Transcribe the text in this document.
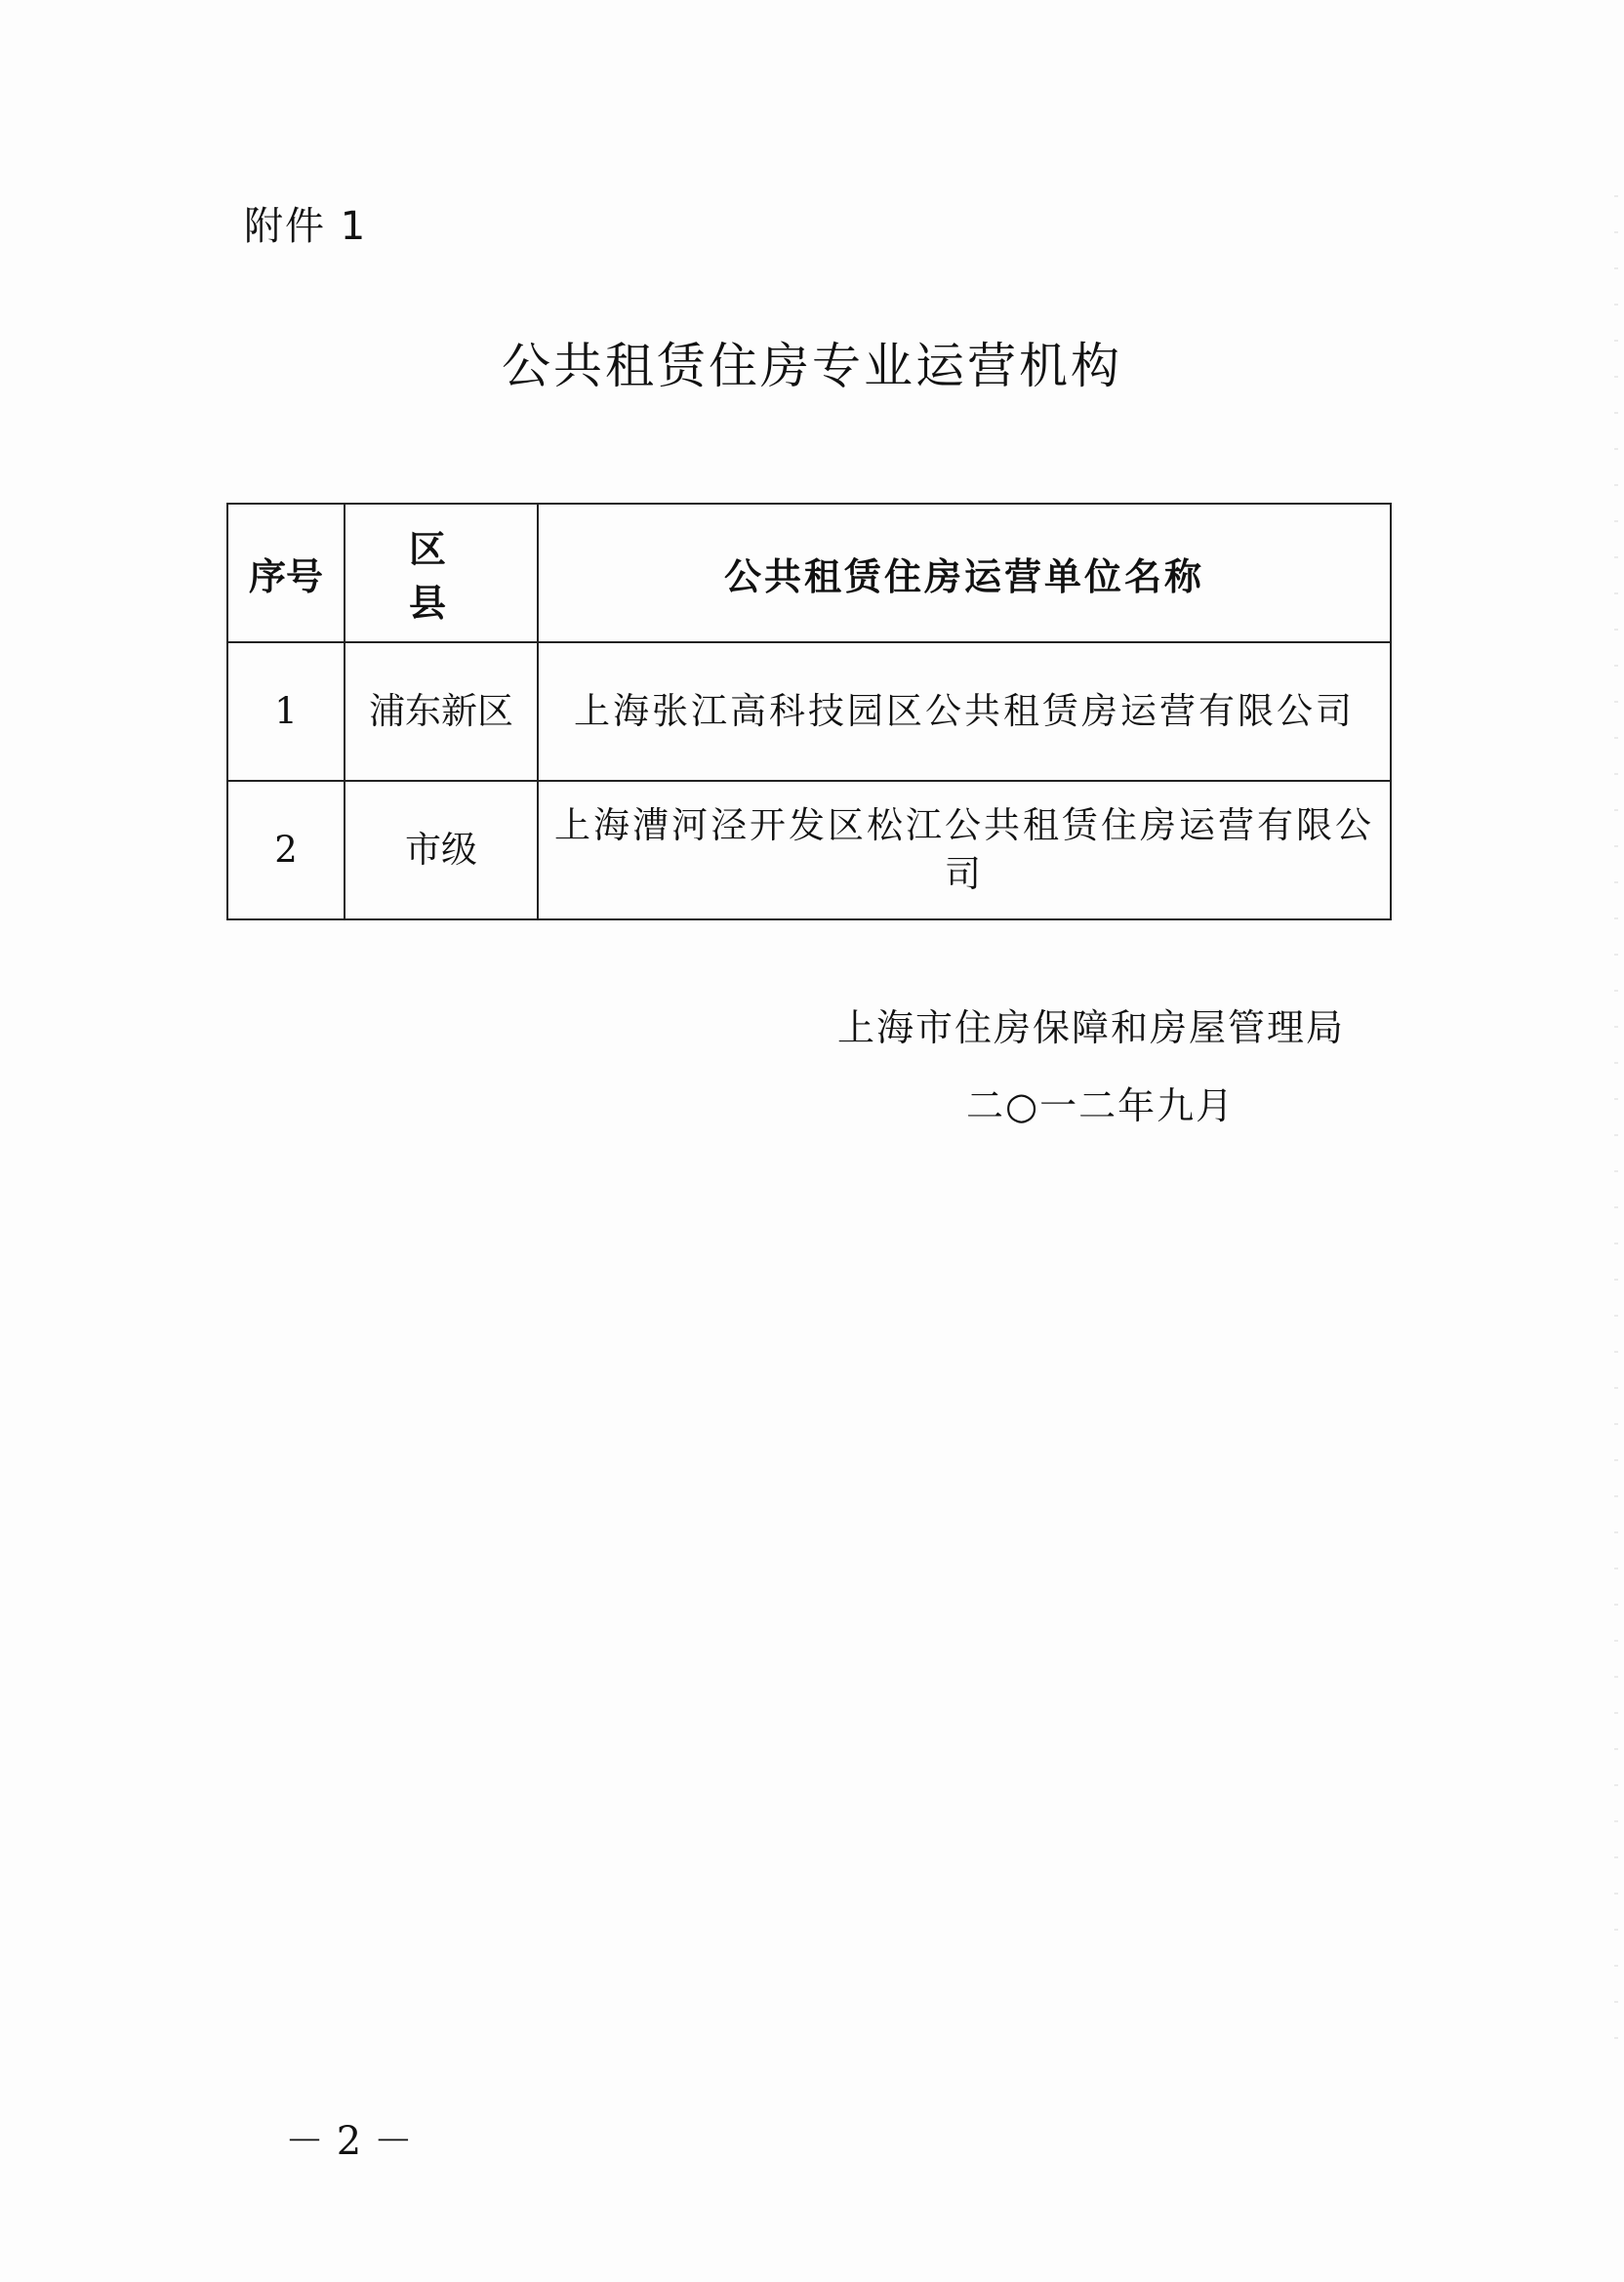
附件 1
公共租赁住房专业运营机构
序号	区 县	公共租赁住房运营单位名称
1	浦东新区	上海张江高科技园区公共租赁房运营有限公司
2	市级	上海漕河泾开发区松江公共租赁住房运营有限公司
上海市住房保障和房屋管理局
二○一二年九月
－ 2 －
